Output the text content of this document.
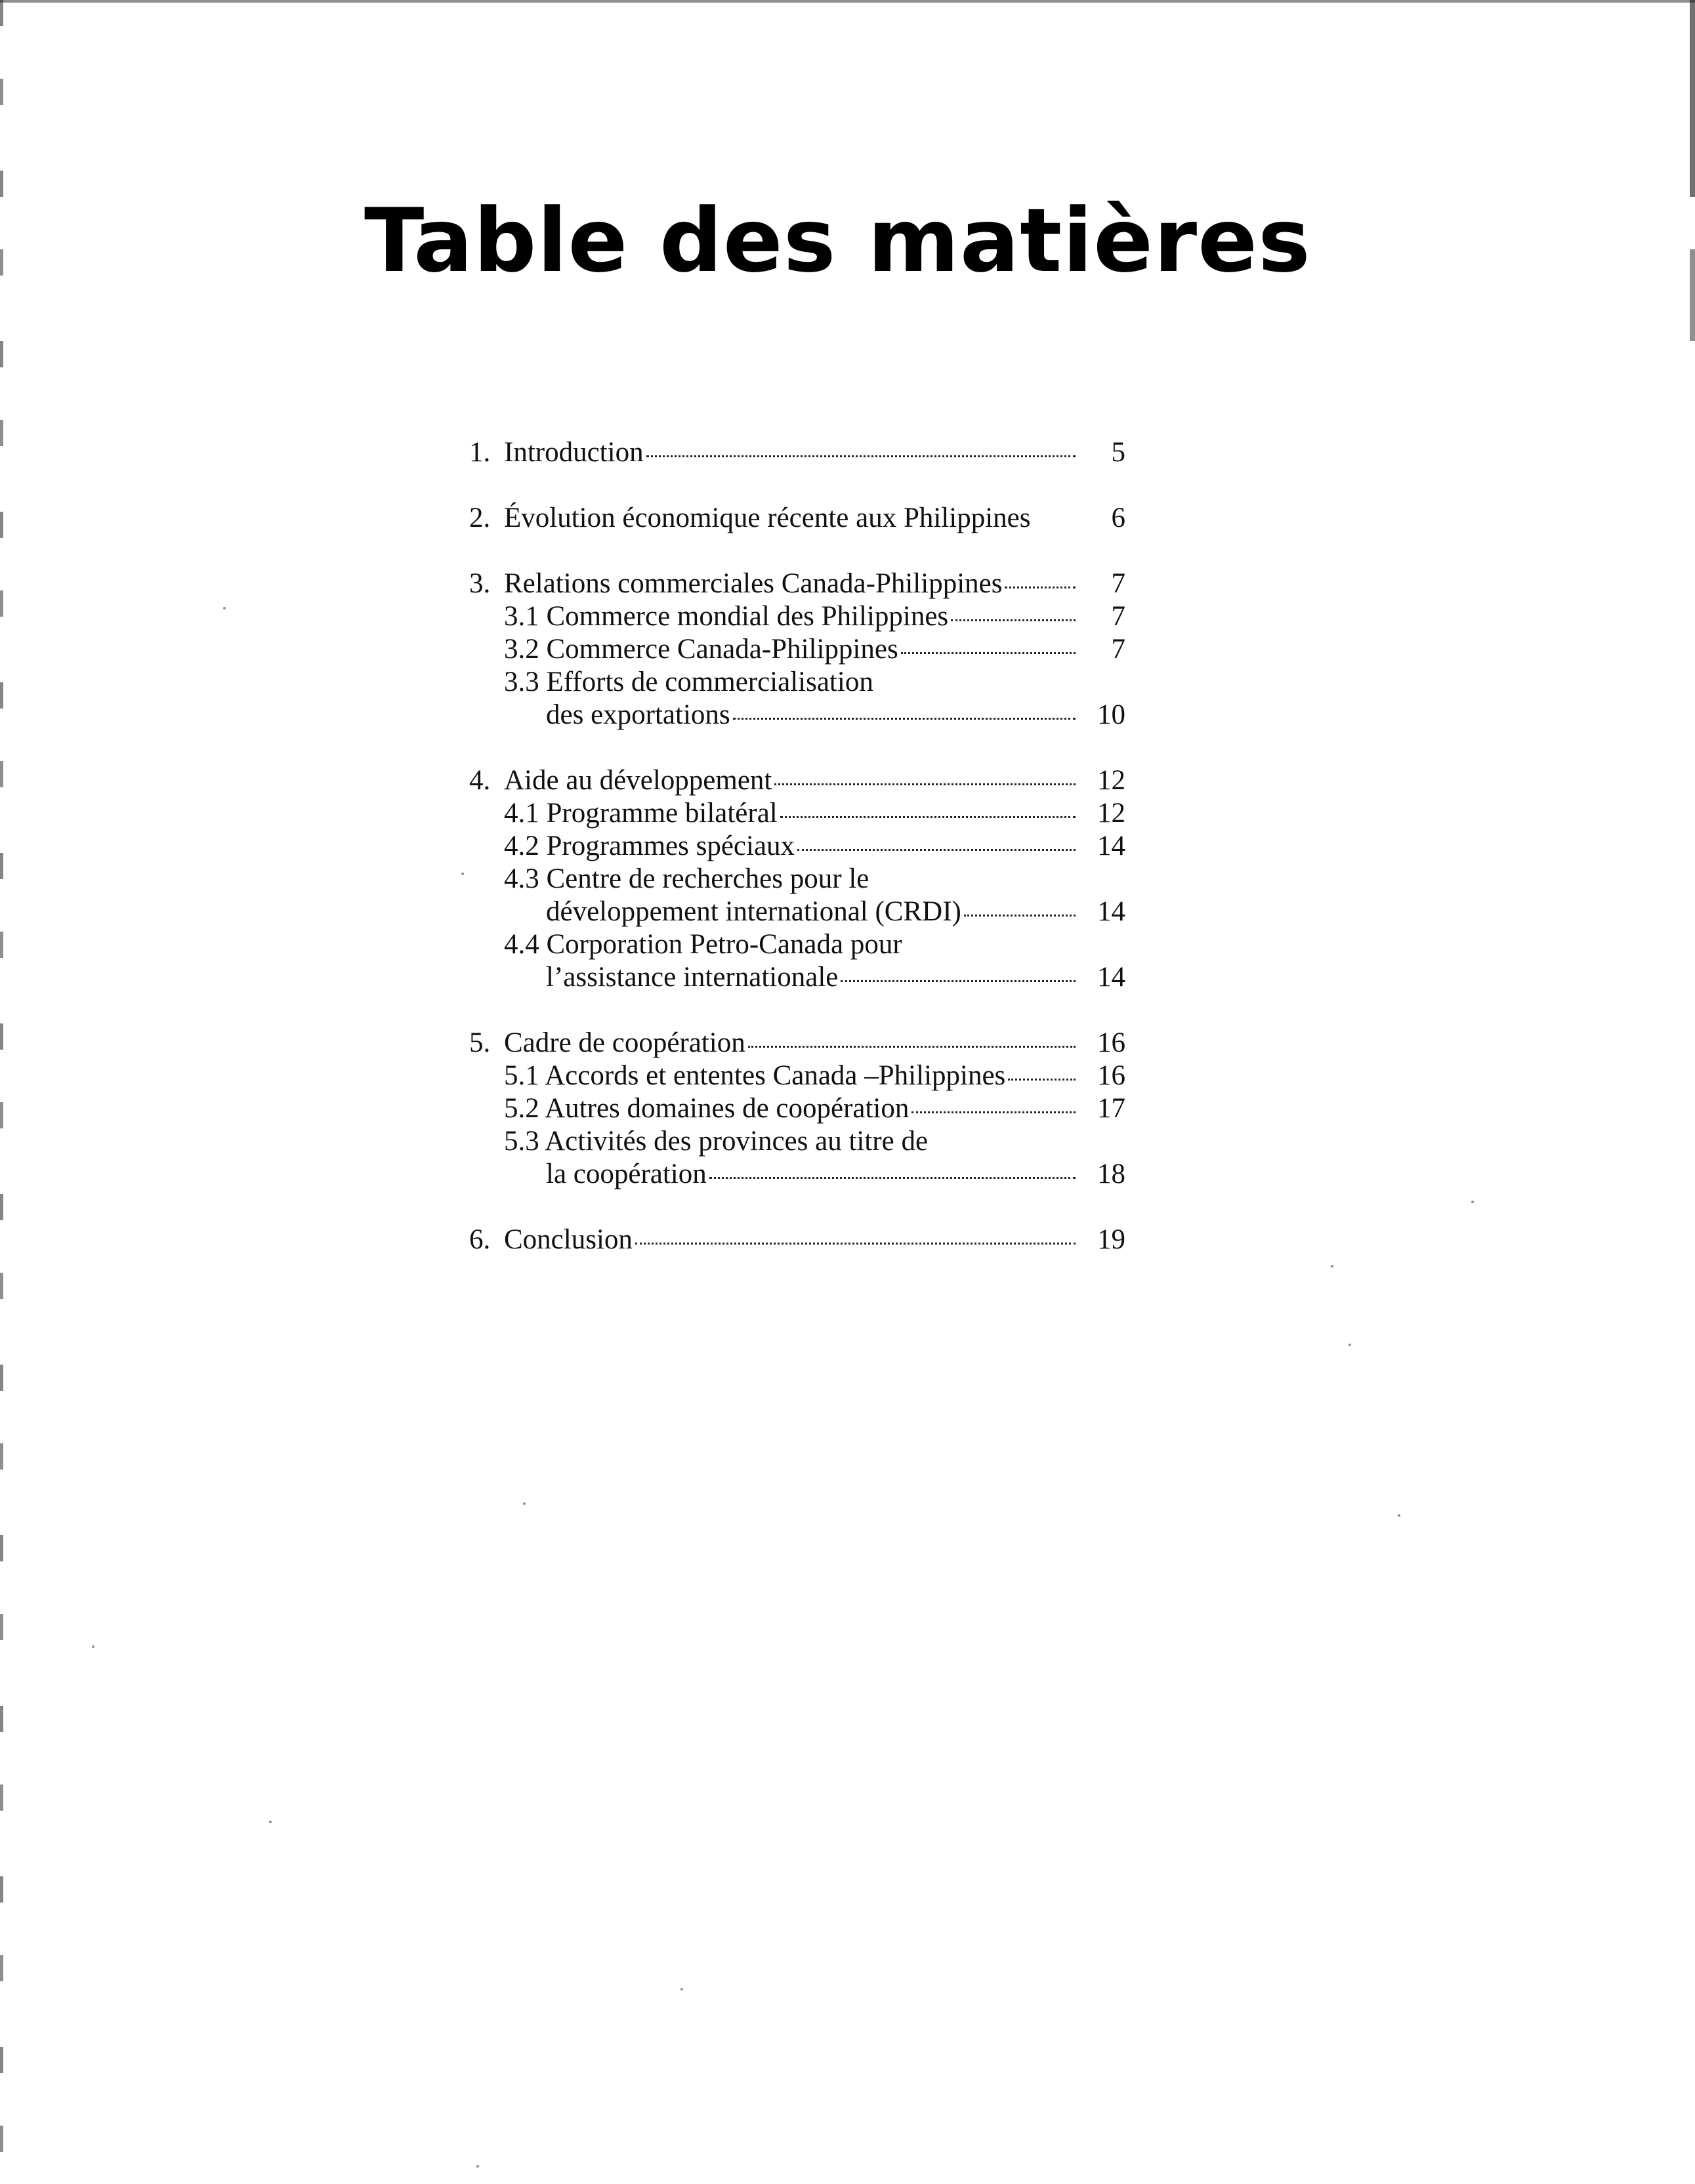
Table des matières
1. Introduction	5
2. Évolution économique récente aux Philippines	6
3. Relations commerciales Canada-Philippines	7
3.1 Commerce mondial des Philippines	7
3.2 Commerce Canada-Philippines	7
3.3 Efforts de commercialisation
des exportations	10
4. Aide au développement	12
4.1 Programme bilatéral	12
4.2 Programmes spéciaux	14
4.3 Centre de recherches pour le
développement international (CRDI)	14
4.4 Corporation Petro-Canada pour
l’assistance internationale	14
5. Cadre de coopération	16
5.1 Accords et ententes Canada –Philippines	16
5.2 Autres domaines de coopération	17
5.3 Activités des provinces au titre de
la coopération	18
6. Conclusion	19
